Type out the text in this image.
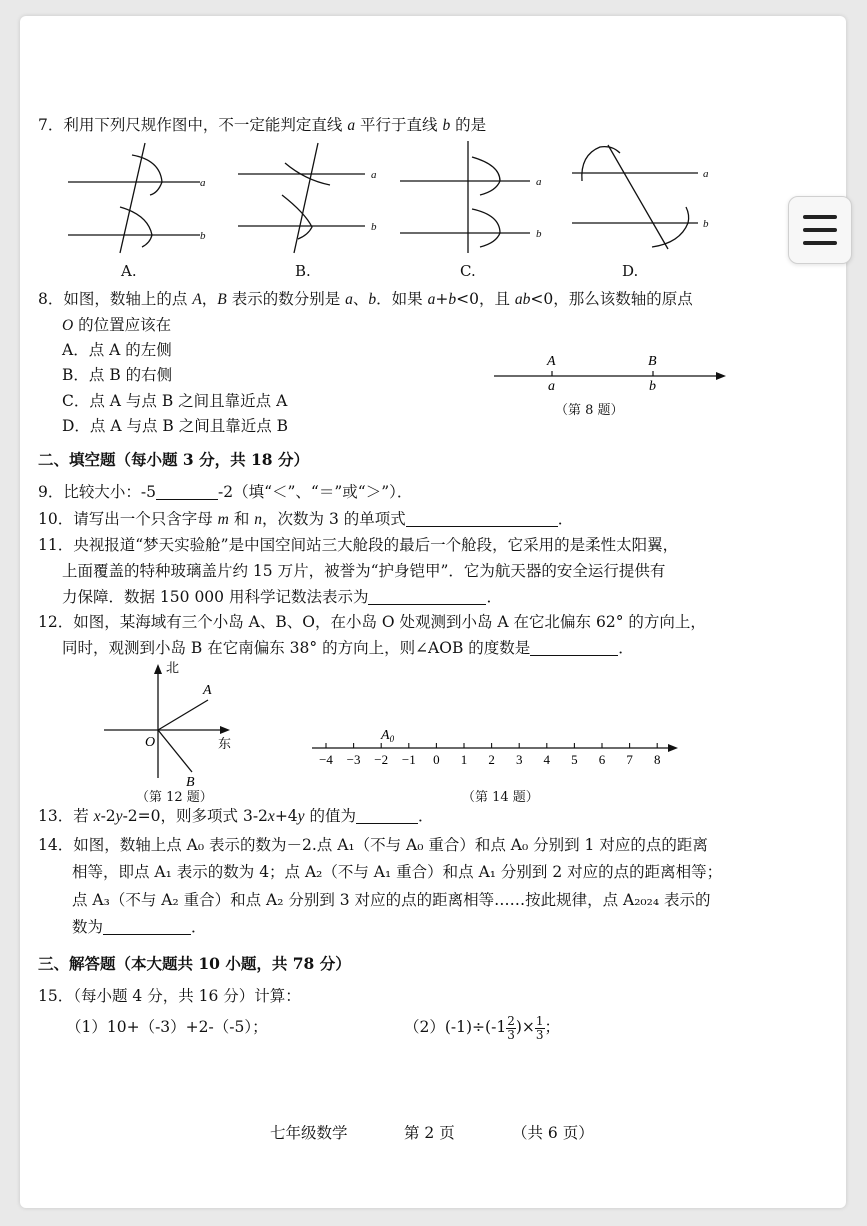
7．利用下列尺规作图中，不一定能判定直线 a 平行于直线 b 的是
a
b
a
b
a
b
a
b
A.	B.	C.	D.
8．如图，数轴上的点 A，B 表示的数分别是 a、b．如果 a+b<0，且 ab<0，那么该数轴的原点
O 的位置应该在
A．点 A 的左侧
B．点 B 的右侧
C．点 A 与点 B 之间且靠近点 A
D．点 A 与点 B 之间且靠近点 B
A	B
a	b
（第 8 题）
二、填空题（每小题 3 分，共 18 分）
9．比较大小：-5	-2（填“＜”、“＝”或“＞”）．
10．请写出一个只含字母 m 和 n，次数为 3 的单项式	．
11．央视报道“梦天实验舱”是中国空间站三大舱段的最后一个舱段，它采用的是柔性太阳翼，
上面覆盖的特种玻璃盖片约 15 万片，被誉为“护身铠甲”．它为航天器的安全运行提供有
力保障．数据 150 000 用科学记数法表示为	．
12．如图，某海域有三个小岛 A、B、O，在小岛 O 处观测到小岛 A 在它北偏东 62° 的方向上，
同时，观测到小岛 B 在它南偏东 38° 的方向上，则∠AOB 的度数是	．
北
东
O
A
B
（第 12 题）
−4 −3 −2 −1 0 1 2 3 4 5 6 7 8
$A_0$
（第 14 题）
13．若 x-2y-2=0，则多项式 3-2x+4y 的值为	．
14．如图，数轴上点 A₀ 表示的数为－2.点 A₁（不与 A₀ 重合）和点 A₀ 分别到 1 对应的点的距离
相等，即点 A₁ 表示的数为 4；点 A₂（不与 A₁ 重合）和点 A₁ 分别到 2 对应的点的距离相等；
点 A₃（不与 A₂ 重合）和点 A₂ 分别到 3 对应的点的距离相等……按此规律，点 A₂₀₂₄ 表示的
数为	．
三、解答题（本大题共 10 小题，共 78 分）
15．（每小题 4 分，共 16 分）计算：
（1）10+（-3）+2-（-5）；	$(2)(-1)\div(-1 \frac{2}{3}$ )× $\frac{1}{3}$ ；
七年级数学	第 2 页	（共 6 页）
